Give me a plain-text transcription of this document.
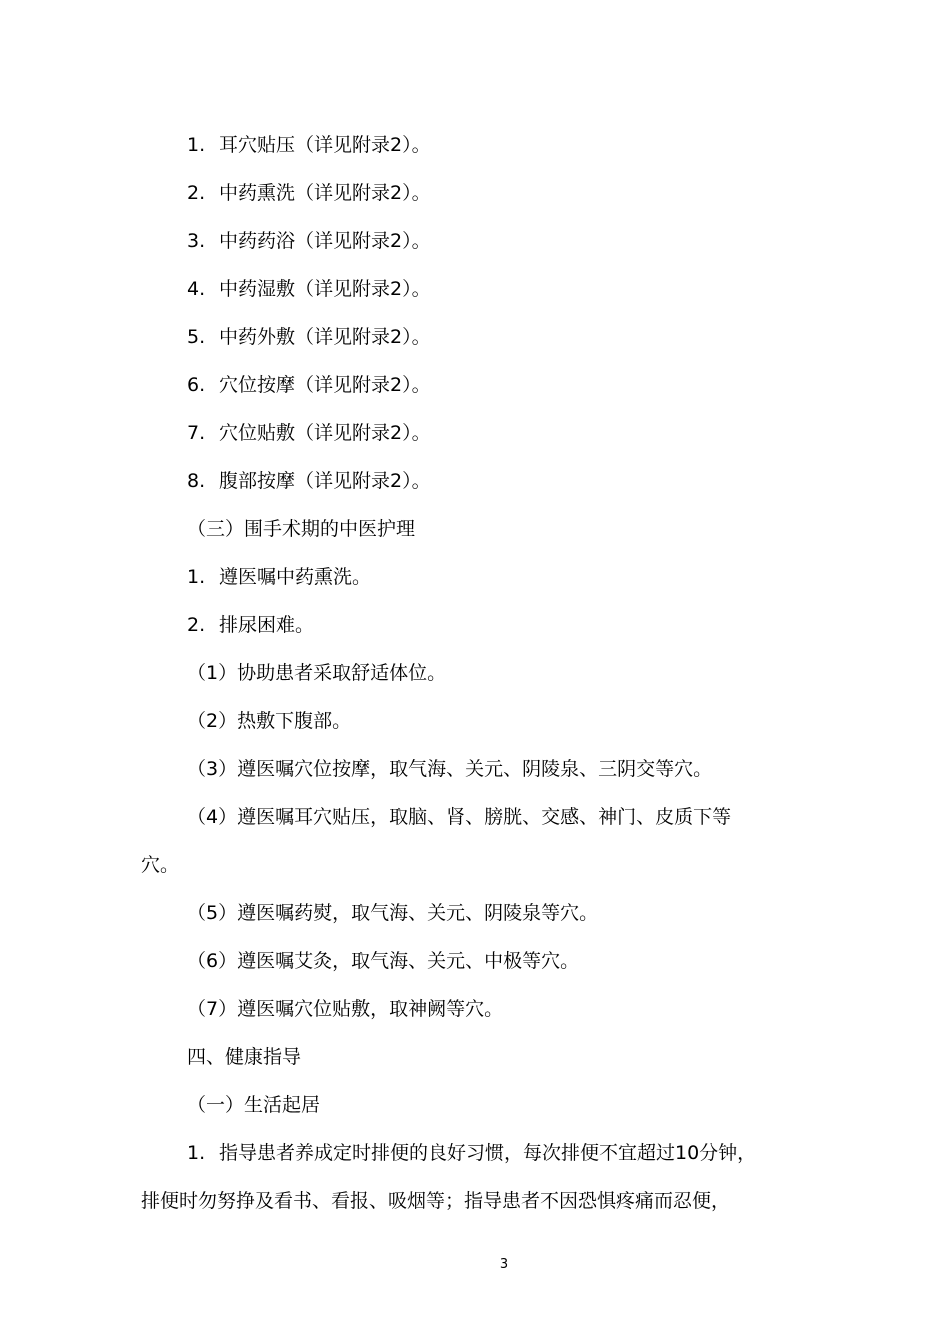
1. 耳穴贴压（详见附录2）。
2. 中药熏洗（详见附录2）。
3. 中药药浴（详见附录2）。
4. 中药湿敷（详见附录2）。
5. 中药外敷（详见附录2）。
6. 穴位按摩（详见附录2）。
7. 穴位贴敷（详见附录2）。
8. 腹部按摩（详见附录2）。
（三）围手术期的中医护理
1. 遵医嘱中药熏洗。
2. 排尿困难。
（1）协助患者采取舒适体位。
（2）热敷下腹部。
（3）遵医嘱穴位按摩，取气海、关元、阴陵泉、三阴交等穴。
（4）遵医嘱耳穴贴压，取脑、肾、膀胱、交感、神门、皮质下等
穴。
（5）遵医嘱药熨，取气海、关元、阴陵泉等穴。
（6）遵医嘱艾灸，取气海、关元、中极等穴。
（7）遵医嘱穴位贴敷，取神阙等穴。
四、健康指导
（一）生活起居
1. 指导患者养成定时排便的良好习惯，每次排便不宜超过10分钟，
排便时勿努挣及看书、看报、吸烟等；指导患者不因恐惧疼痛而忍便，
3
